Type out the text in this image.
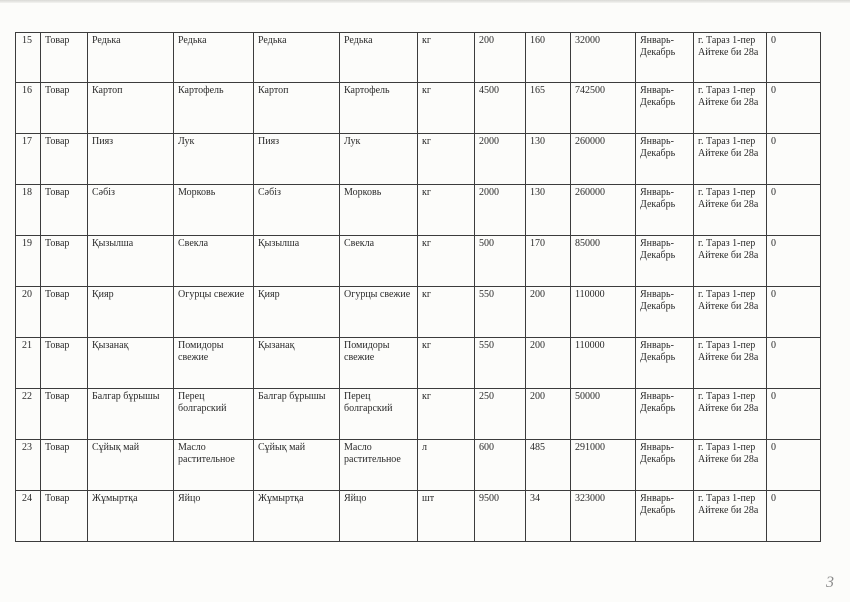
15	Товар	Редька	Редька	Редька	Редька	кг	200	160	32000	Январь-Декабрь	г. Тараз 1-пер Айтеке би 28а	0
16	Товар	Картоп	Картофель	Картоп	Картофель	кг	4500	165	742500	Январь-Декабрь	г. Тараз 1-пер Айтеке би 28а	0
17	Товар	Пияз	Лук	Пияз	Лук	кг	2000	130	260000	Январь-Декабрь	г. Тараз 1-пер Айтеке би 28а	0
18	Товар	Сәбіз	Морковь	Сәбіз	Морковь	кг	2000	130	260000	Январь-Декабрь	г. Тараз 1-пер Айтеке би 28а	0
19	Товар	Қызылша	Свекла	Қызылша	Свекла	кг	500	170	85000	Январь-Декабрь	г. Тараз 1-пер Айтеке би 28а	0
20	Товар	Қияр	Огурцы свежие	Қияр	Огурцы свежие	кг	550	200	110000	Январь-Декабрь	г. Тараз 1-пер Айтеке би 28а	0
21	Товар	Қызанақ	Помидоры свежие	Қызанақ	Помидоры свежие	кг	550	200	110000	Январь-Декабрь	г. Тараз 1-пер Айтеке би 28а	0
22	Товар	Балгар бұрышы	Перец болгарский	Балгар бұрышы	Перец болгарский	кг	250	200	50000	Январь-Декабрь	г. Тараз 1-пер Айтеке би 28а	0
23	Товар	Сұйық май	Масло растительное	Сұйық май	Масло растительное	л	600	485	291000	Январь-Декабрь	г. Тараз 1-пер Айтеке би 28а	0
24	Товар	Жұмыртқа	Яйцо	Жұмыртқа	Яйцо	шт	9500	34	323000	Январь-Декабрь	г. Тараз 1-пер Айтеке би 28а	0
3
